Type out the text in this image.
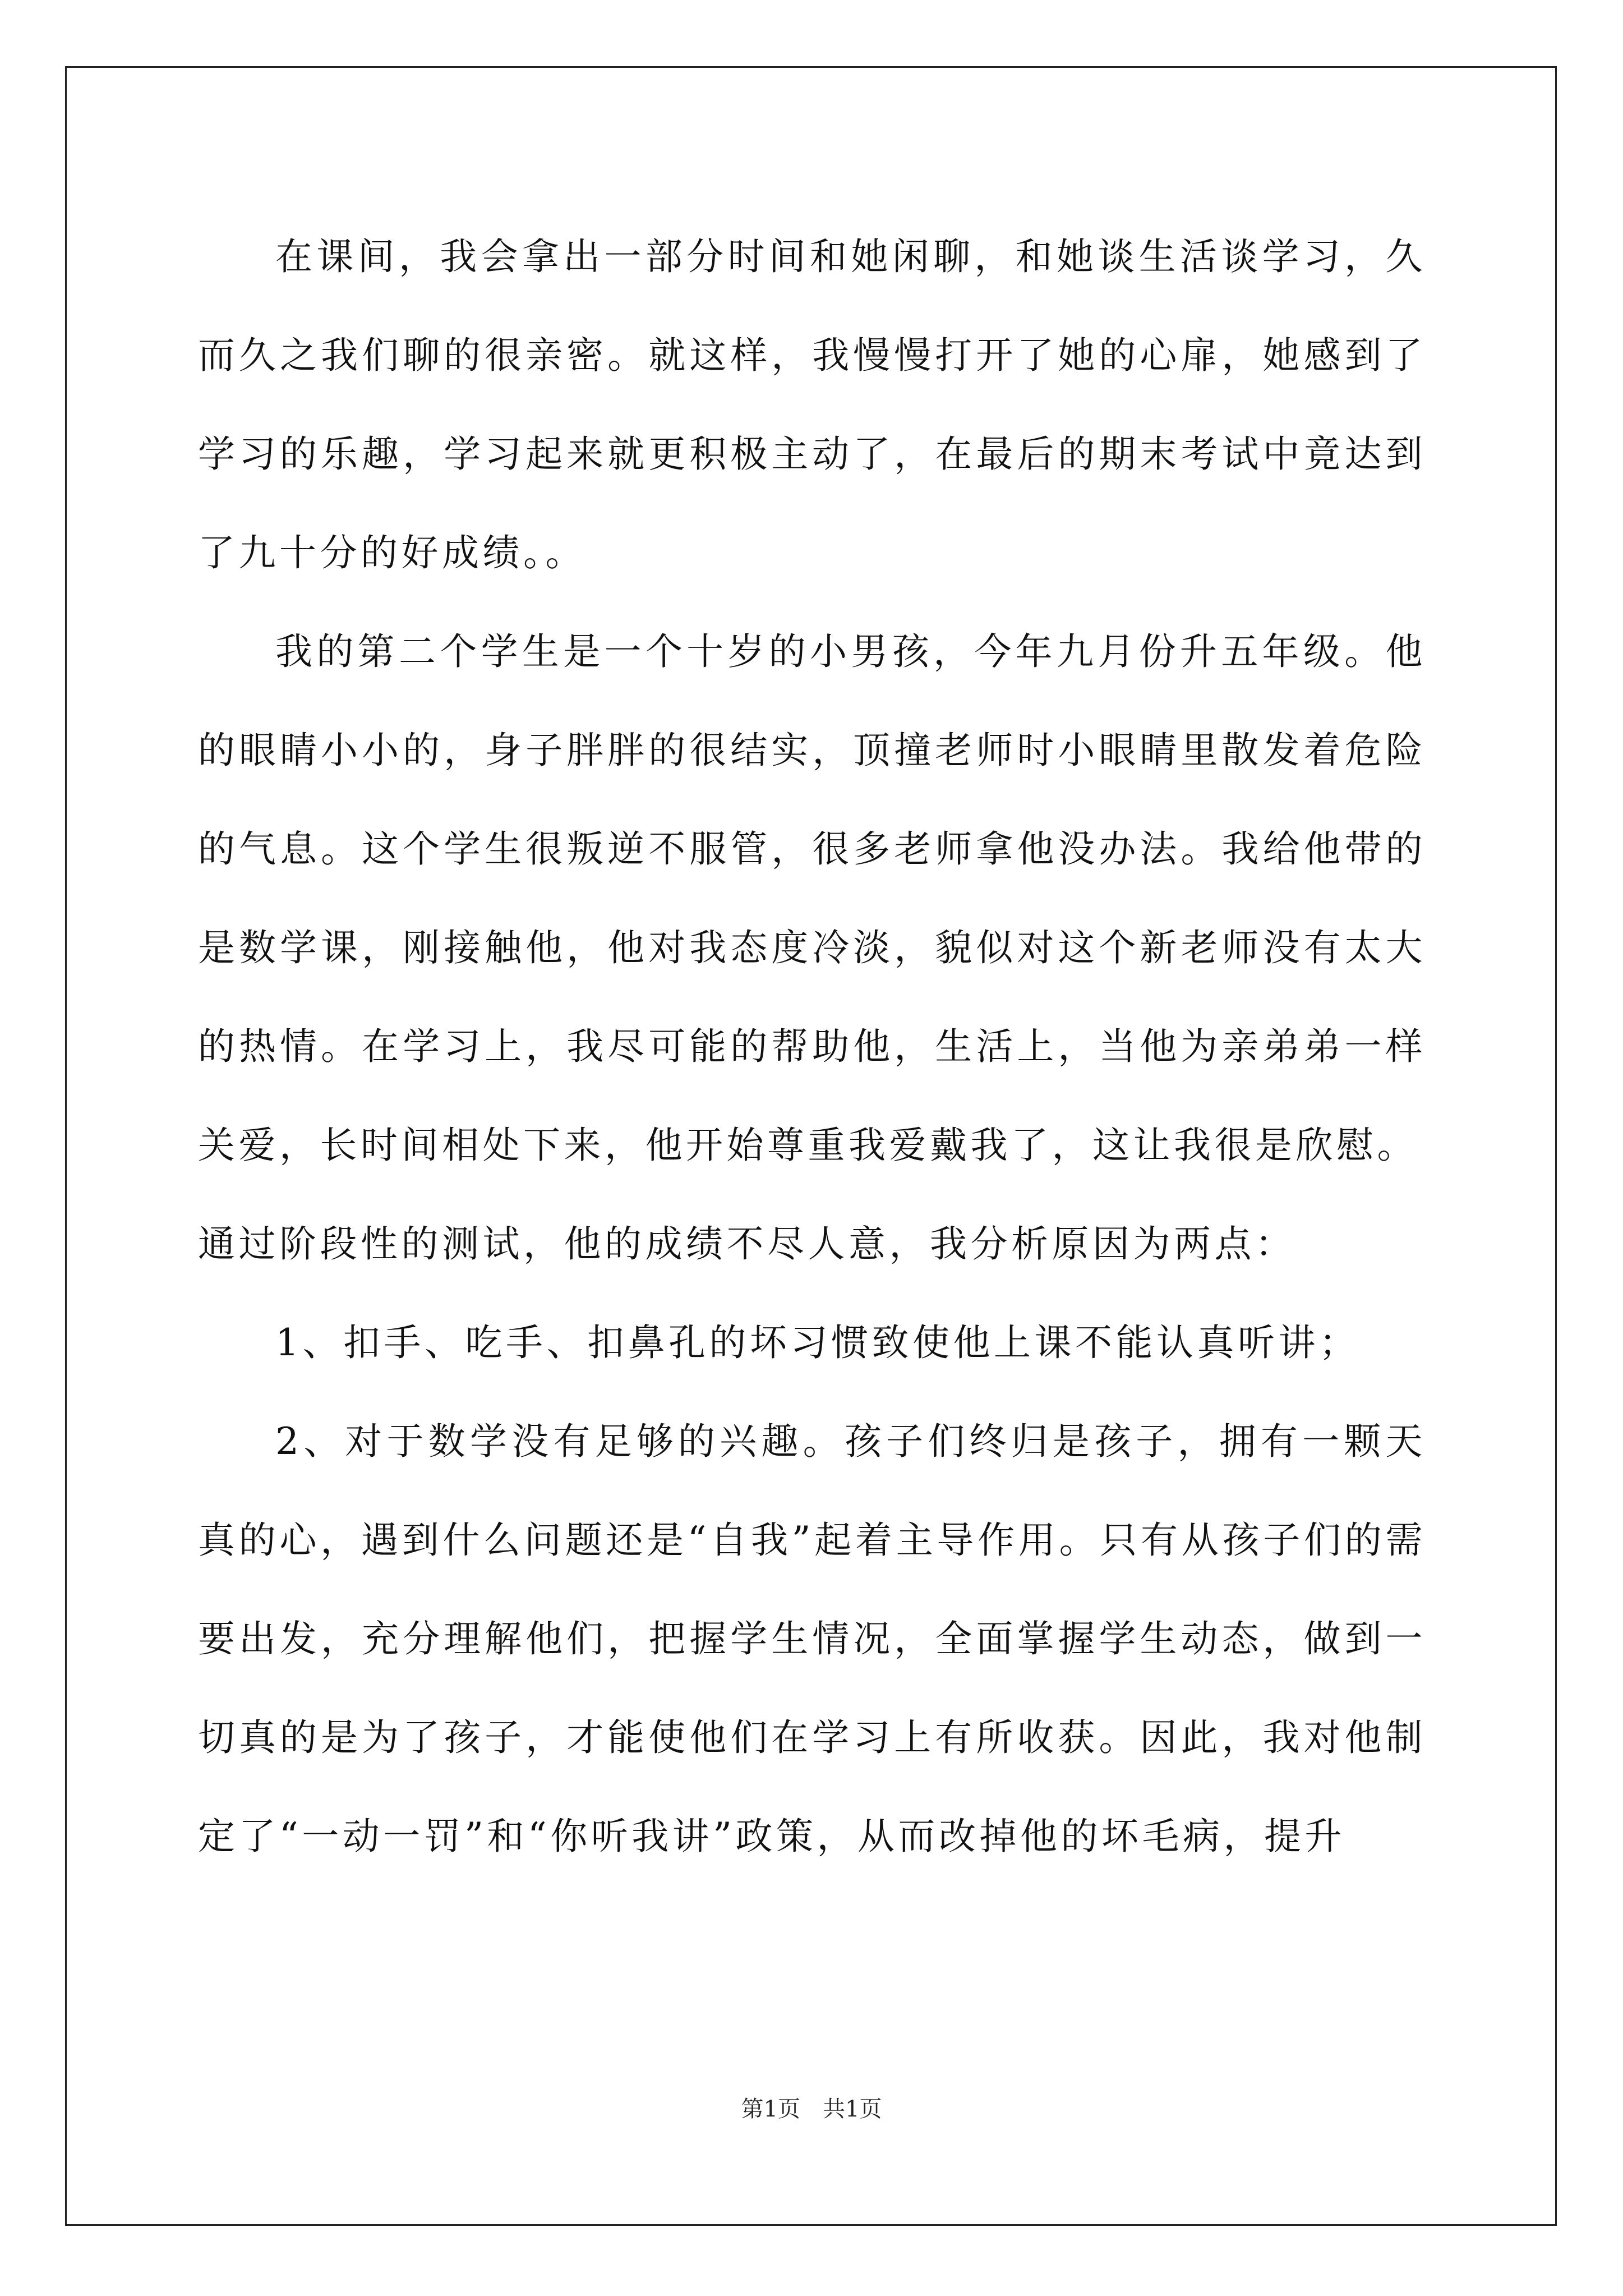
在课间，我会拿出一部分时间和她闲聊，和她谈生活谈学习，久而久之我们聊的很亲密。就这样，我慢慢打开了她的心扉，她感到了学习的乐趣，学习起来就更积极主动了，在最后的期末考试中竟达到了九十分的好成绩。。

我的第二个学生是一个十岁的小男孩，今年九月份升五年级。他的眼睛小小的，身子胖胖的很结实，顶撞老师时小眼睛里散发着危险的气息。这个学生很叛逆不服管，很多老师拿他没办法。我给他带的是数学课，刚接触他，他对我态度冷淡，貌似对这个新老师没有太大的热情。在学习上，我尽可能的帮助他，生活上，当他为亲弟弟一样关爱，长时间相处下来，他开始尊重我爱戴我了，这让我很是欣慰。

通过阶段性的测试，他的成绩不尽人意，我分析原因为两点：

1、扣手、吃手、扣鼻孔的坏习惯致使他上课不能认真听讲；

2、对于数学没有足够的兴趣。孩子们终归是孩子，拥有一颗天真的心，遇到什么问题还是“自我”起着主导作用。只有从孩子们的需要出发，充分理解他们，把握学生情况，全面掌握学生动态，做到一切真的是为了孩子，才能使他们在学习上有所收获。因此，我对他制定了“一动一罚”和“你听我讲”政策，从而改掉他的坏毛病，提升

第1页　共1页
